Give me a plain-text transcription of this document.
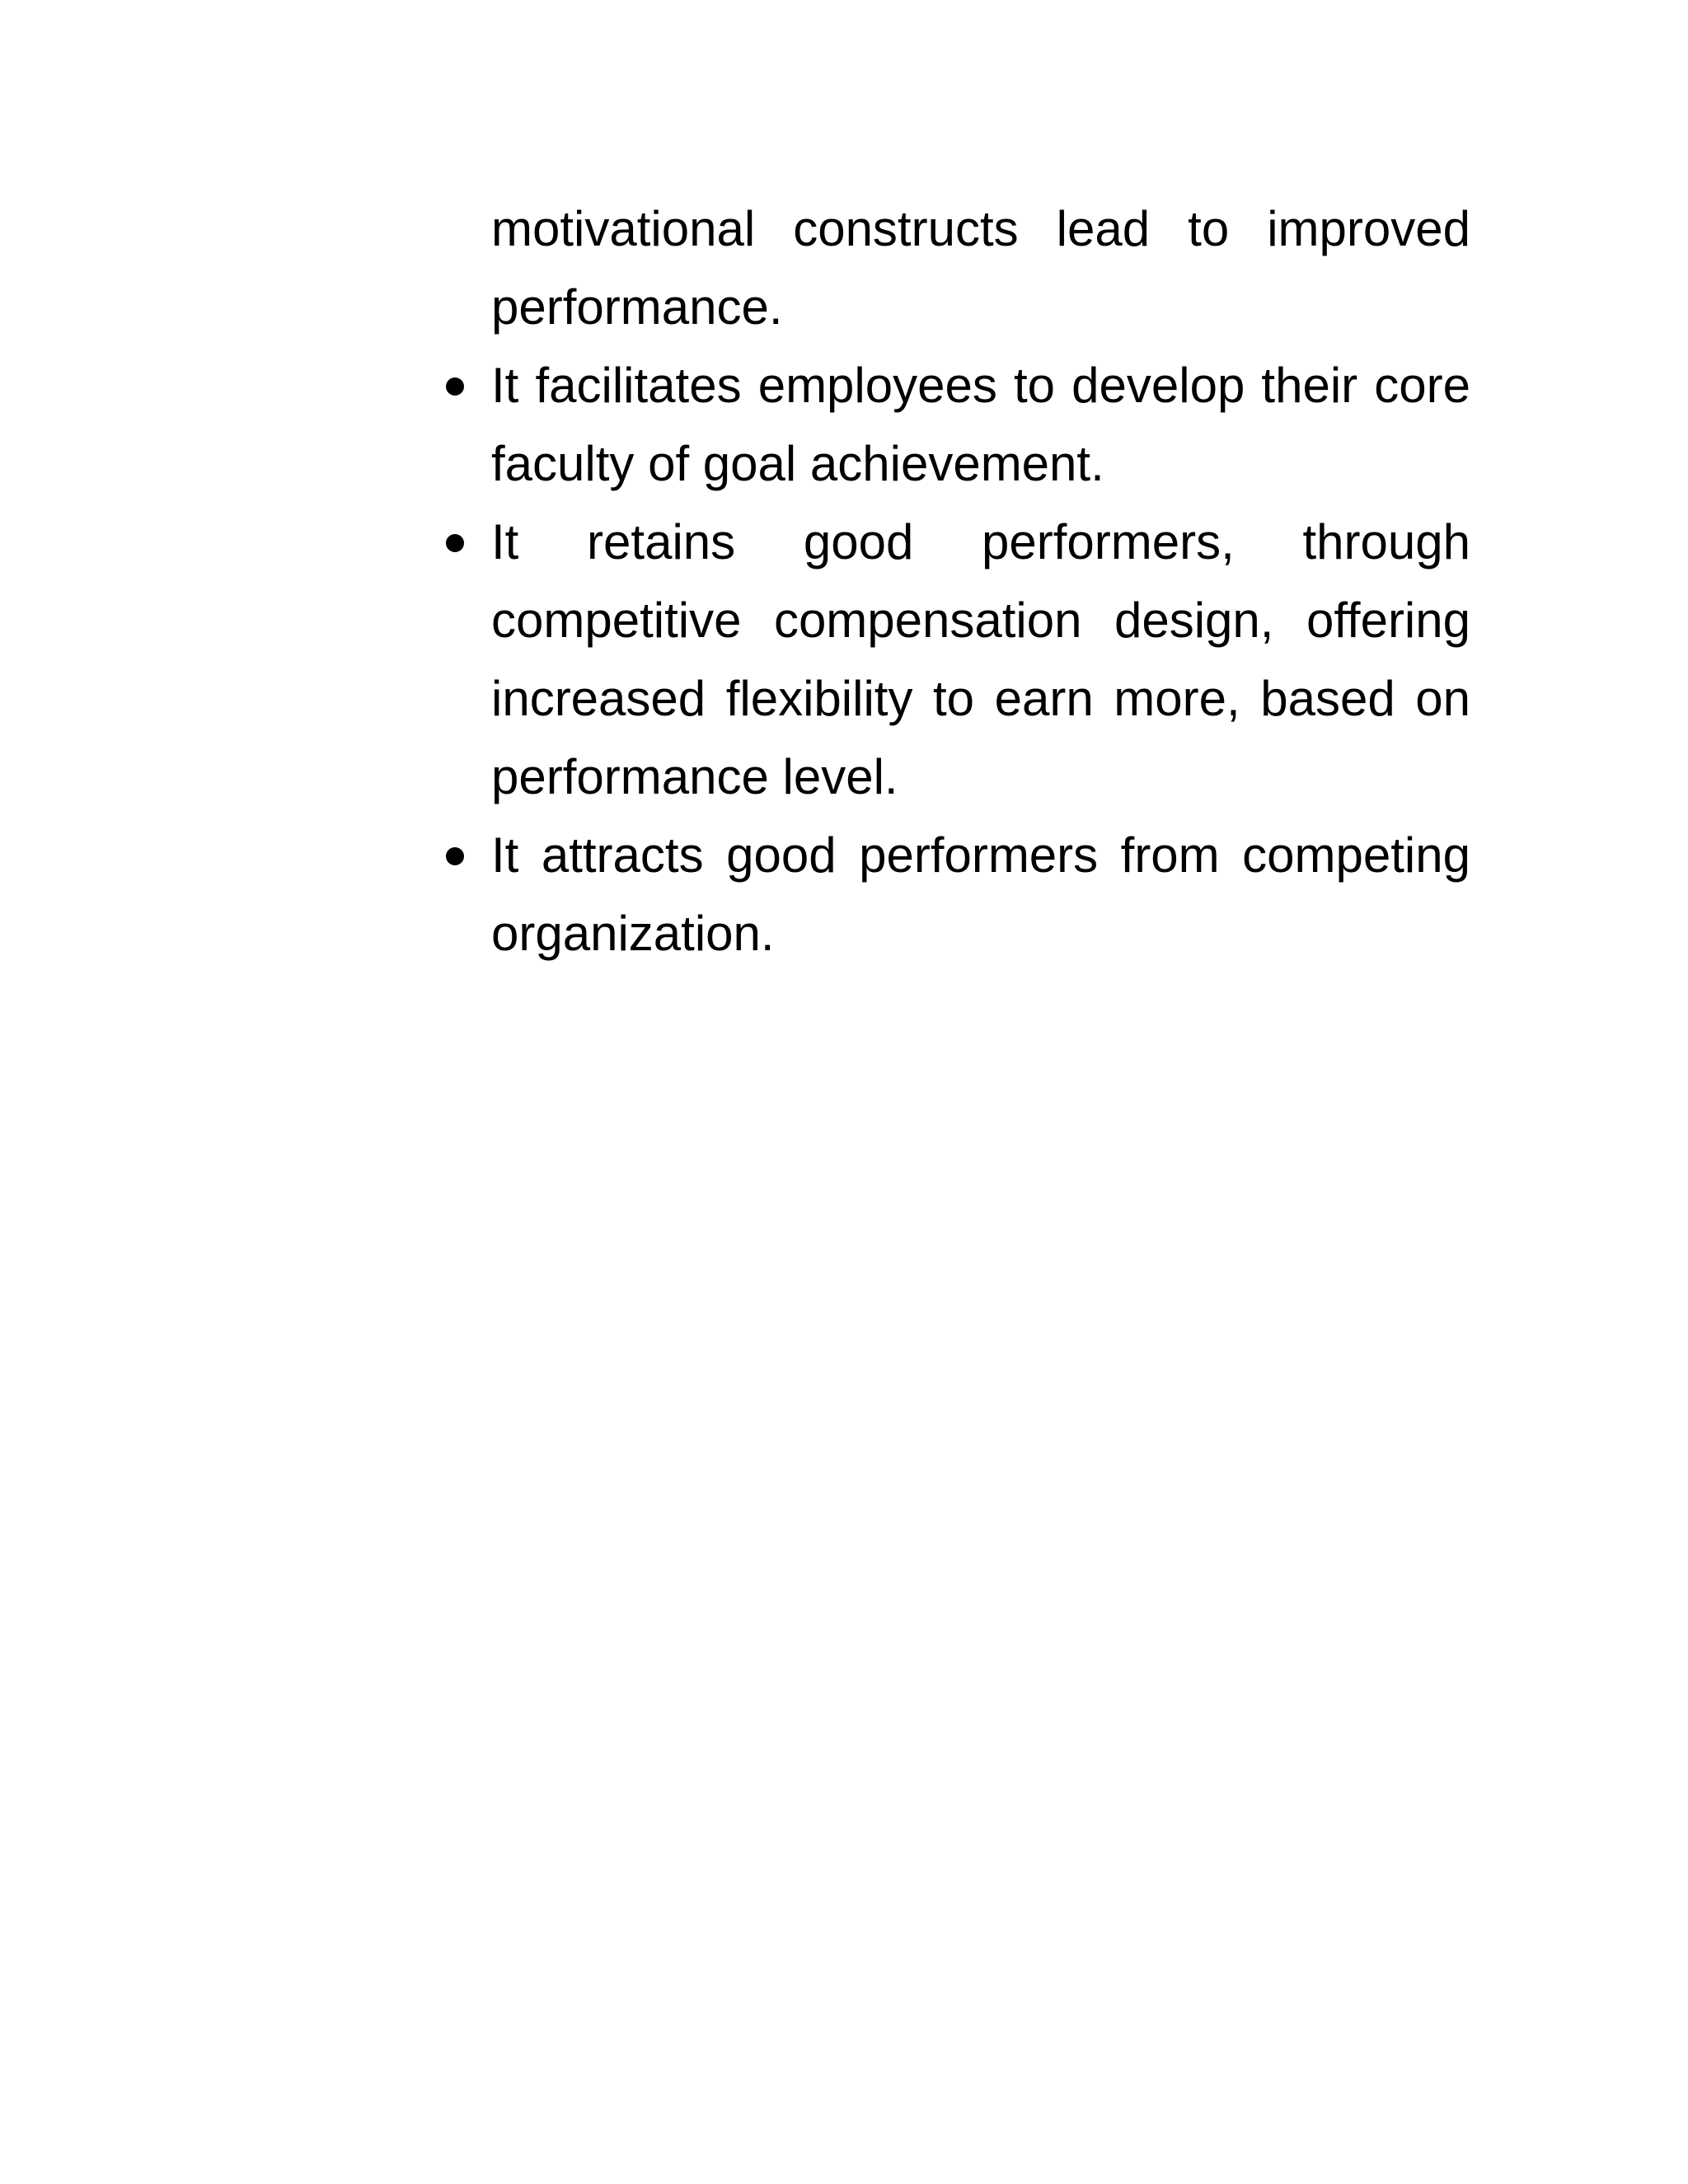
motivational constructs lead to improved performance.

It facilitates employees to develop their core faculty of goal achievement.
It retains good performers, through competitive compensation design, offering increased flexibility to earn more, based on performance level.
It attracts good performers from competing organization.
